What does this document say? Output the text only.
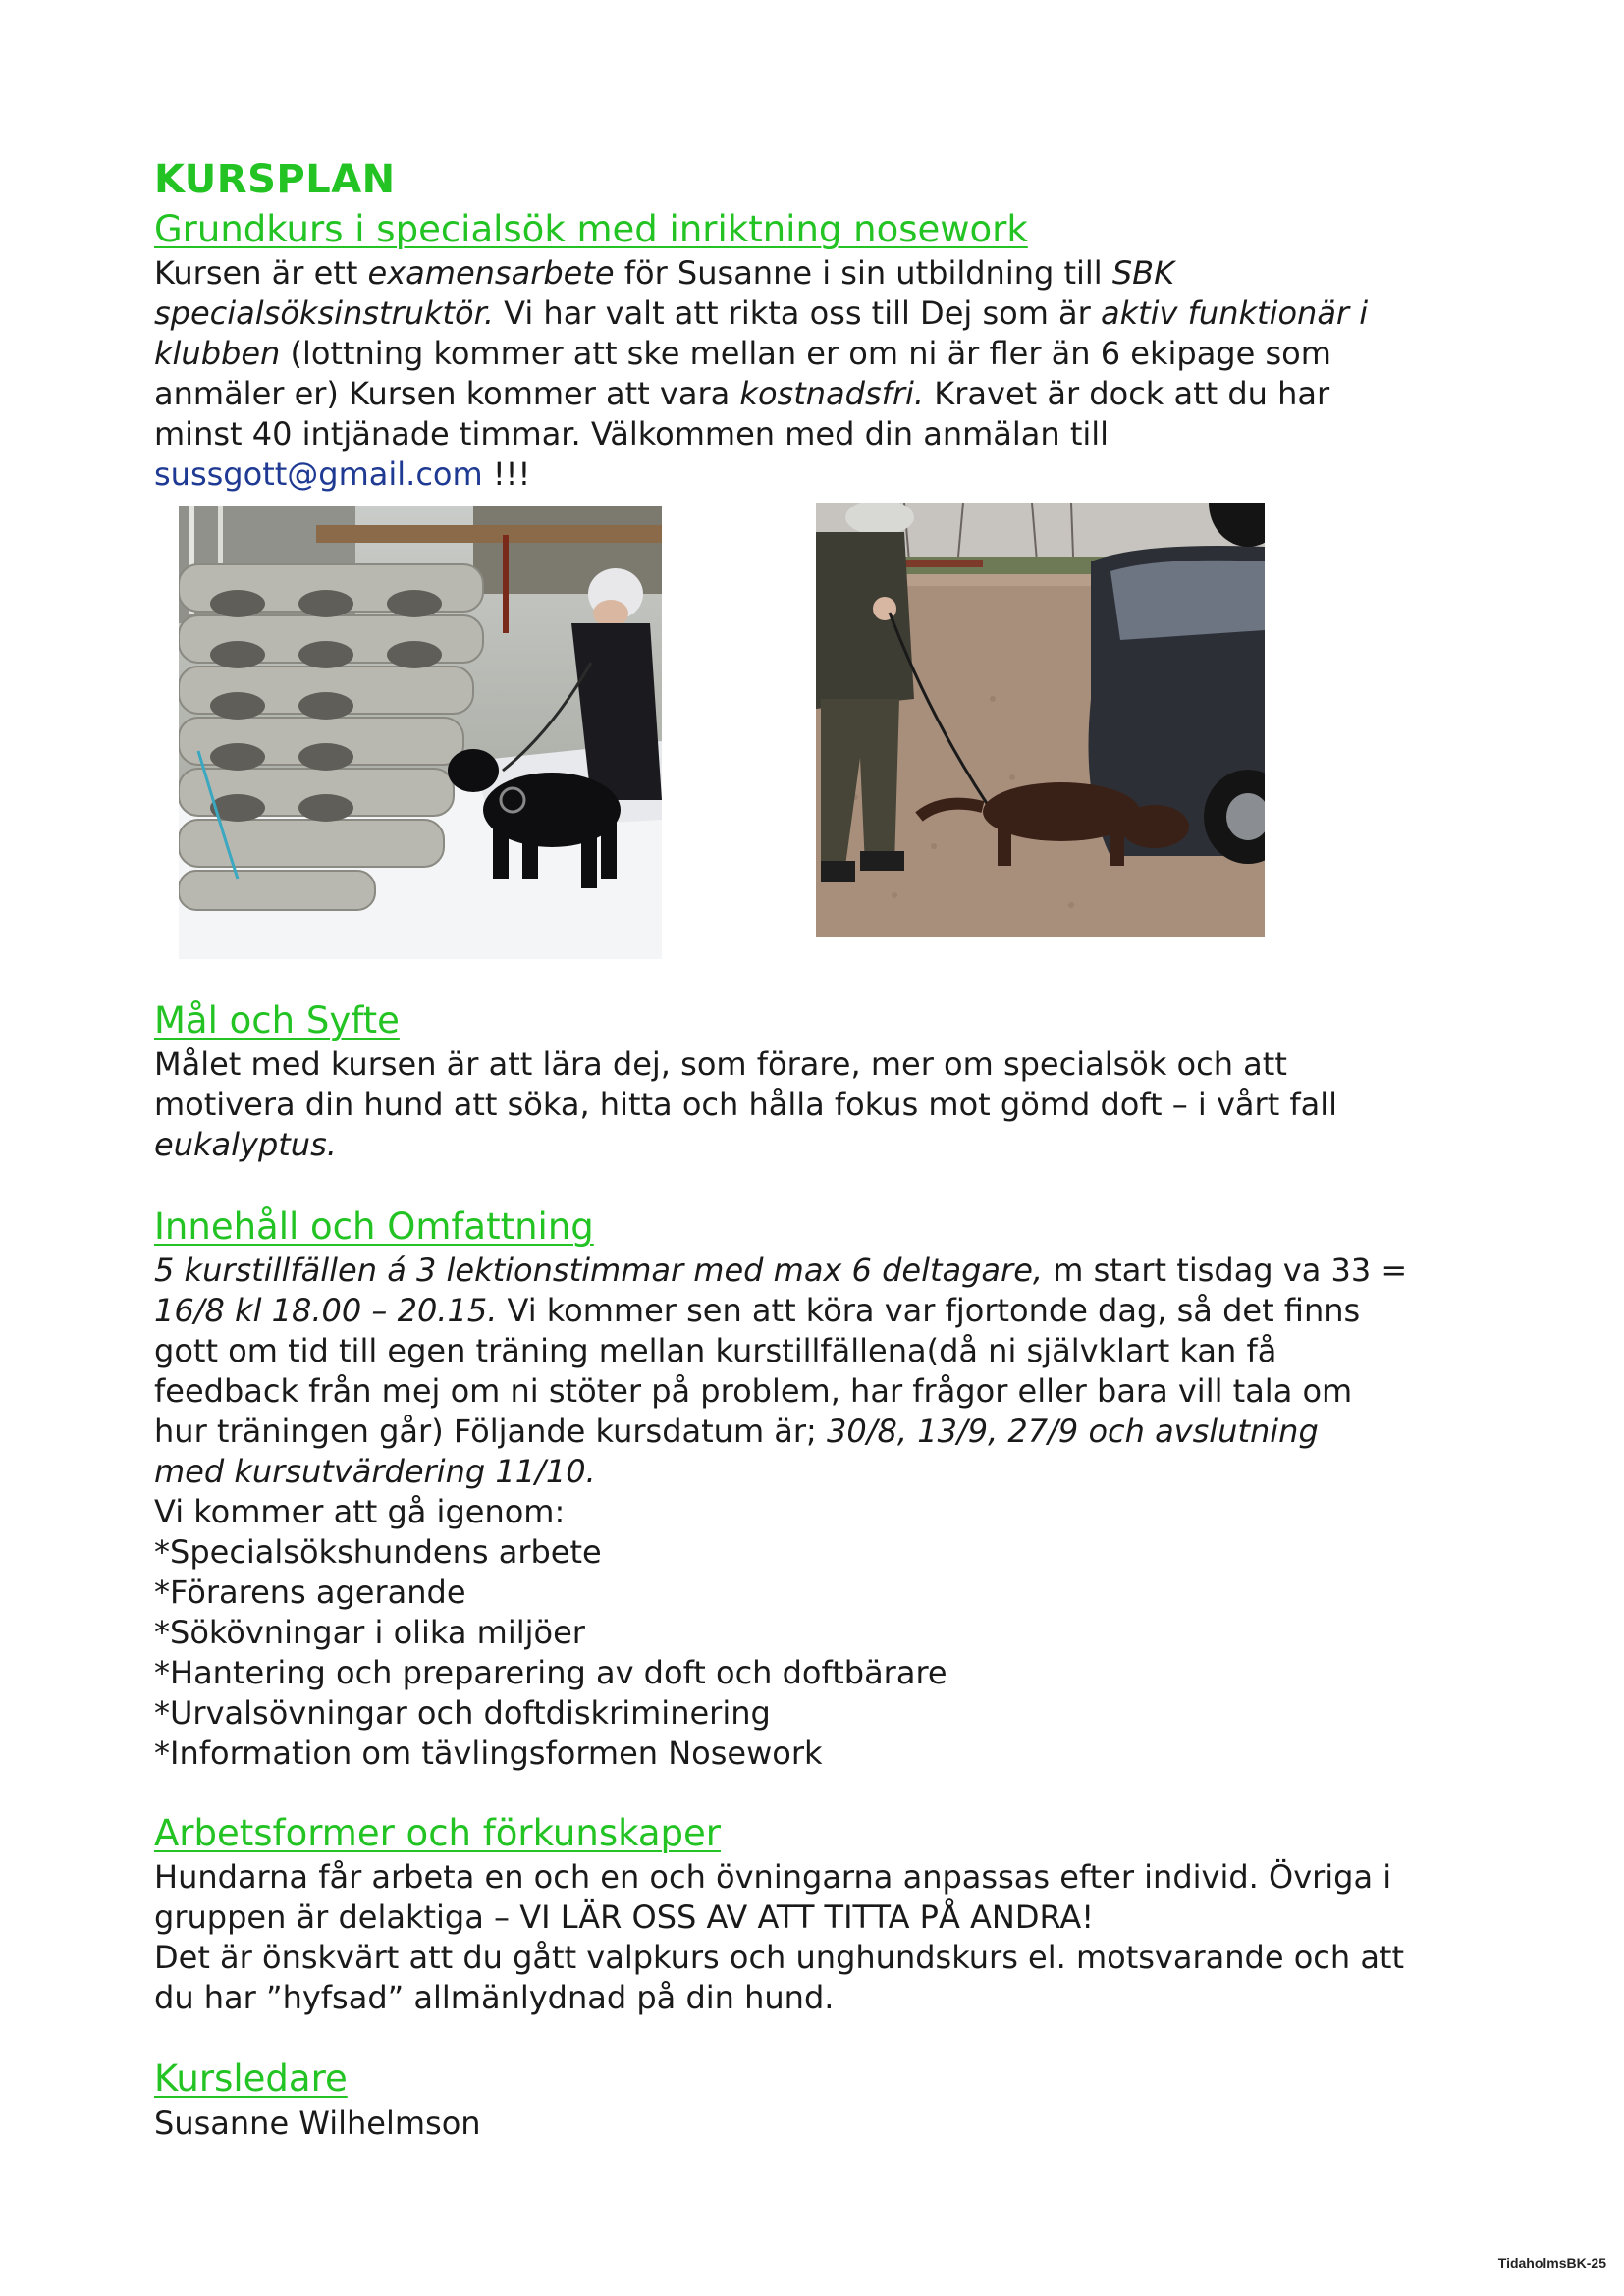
KURSPLAN
Grundkurs i specialsök med inriktning nosework

Kursen är ett examensarbete för Susanne i sin utbildning till SBK

specialsöksinstruktör. Vi har valt att rikta oss till Dej som är aktiv funktionär i

klubben (lottning kommer att ske mellan er om ni är fler än 6 ekipage som

anmäler er) Kursen kommer att vara kostnadsfri. Kravet är dock att du har

minst 40 intjänade timmar. Välkommen med din anmälan till

sussgott@gmail.com !!!

Mål och Syfte

Målet med kursen är att lära dej, som förare, mer om specialsök och att

motivera din hund att söka, hitta och hålla fokus mot gömd doft – i vårt fall

eukalyptus.

Innehåll och Omfattning

5 kurstillfällen á 3 lektionstimmar med max 6 deltagare, m start tisdag va 33 =

16/8 kl 18.00 – 20.15. Vi kommer sen att köra var fjortonde dag, så det finns

gott om tid till egen träning mellan kurstillfällena(då ni självklart kan få

feedback från mej om ni stöter på problem, har frågor eller bara vill tala om

hur träningen går) Följande kursdatum är; 30/8, 13/9, 27/9 och avslutning

med kursutvärdering 11/10.

Vi kommer att gå igenom:

*Specialsökshundens arbete

*Förarens agerande

*Sökövningar i olika miljöer

*Hantering och preparering av doft och doftbärare

*Urvalsövningar och doftdiskriminering

*Information om tävlingsformen Nosework

Arbetsformer och förkunskaper

Hundarna får arbeta en och en och övningarna anpassas efter individ. Övriga i

gruppen är delaktiga – VI LÄR OSS AV ATT TITTA PÅ ANDRA!

Det är önskvärt att du gått valpkurs och unghundskurs el. motsvarande och att

du har ”hyfsad” allmänlydnad på din hund.

Kursledare

Susanne Wilhelmson

TidaholmsBK-25
